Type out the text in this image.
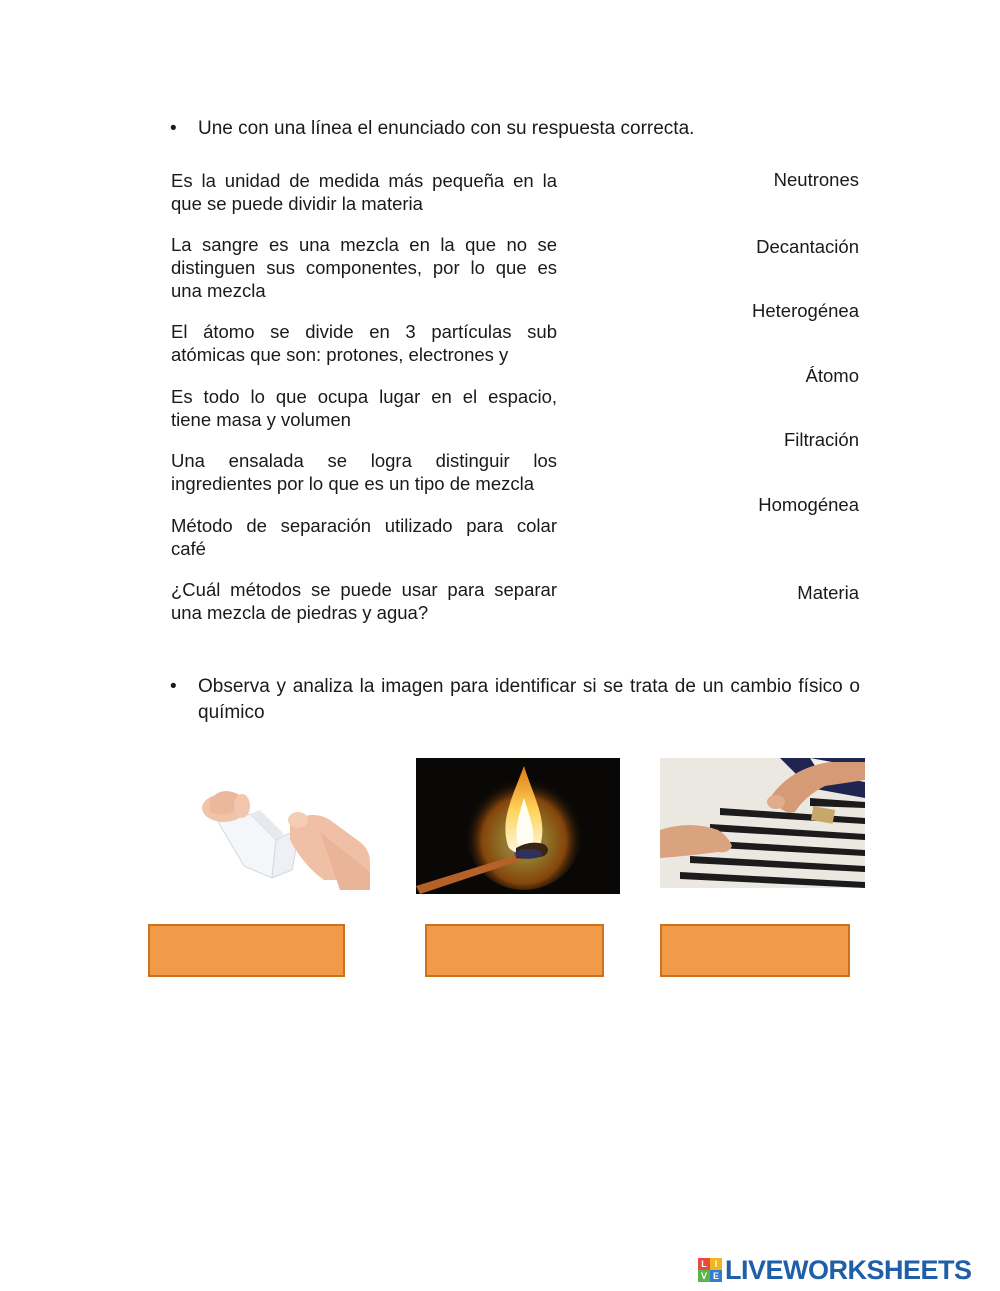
• Une con una línea el enunciado con su respuesta correcta.
Es la unidad de medida más pequeña en la
que se puede dividir la materia
La sangre es una mezcla en la que no se
distinguen sus componentes, por lo que es
una mezcla
El átomo se divide en 3 partículas sub
atómicas que son: protones, electrones y
Es todo lo que ocupa lugar en el espacio,
tiene masa y volumen
Una ensalada se logra distinguir los
ingredientes por lo que es un tipo de mezcla
Método de separación utilizado para colar
café
¿Cuál métodos se puede usar para separar
una mezcla de piedras y agua?
Neutrones
Decantación
Heterogénea
Átomo
Filtración
Homogénea
Materia
• Observa y analiza la imagen para identificar si se trata de un cambio físico o
químico
L I
V E LIVEWORKSHEETS
